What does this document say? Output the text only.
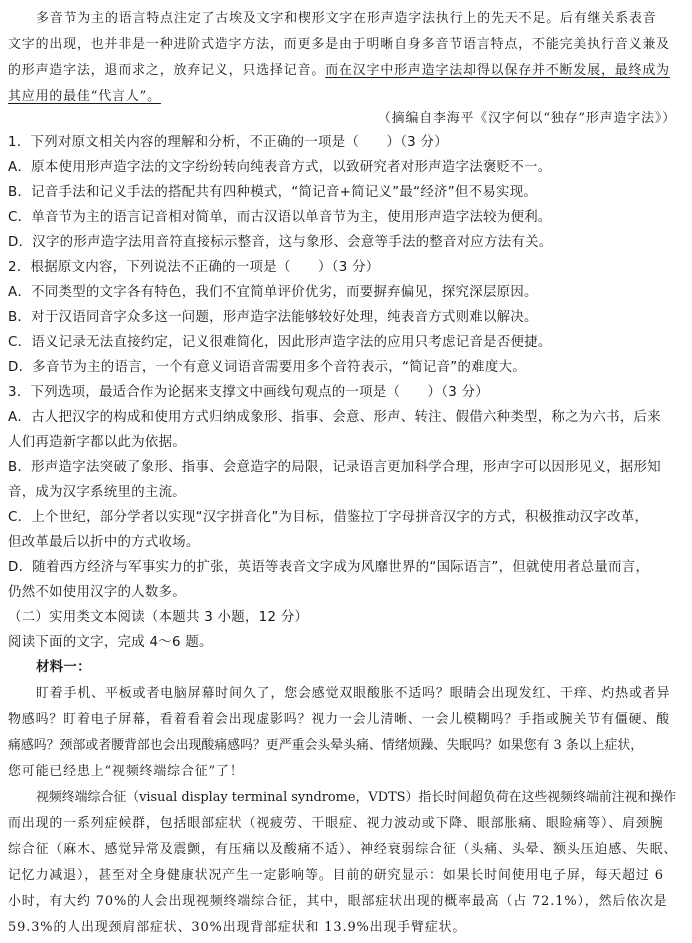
多音节为主的语言特点注定了古埃及文字和楔形文字在形声造字法执行上的先天不足。后有继关系表音
文字的出现，也并非是一种进阶式造字方法，而更多是由于明晰自身多音节语言特点，不能完美执行音义兼及
的形声造字法，退而求之，放弃记义，只选择记音。而在汉字中形声造字法却得以保存并不断发展，最终成为
其应用的最佳“代言人”。
（摘编自李海平《汉字何以“独存”形声造字法》）
1．下列对原文相关内容的理解和分析，不正确的一项是（　　）（3 分）
A．原本使用形声造字法的文字纷纷转向纯表音方式，以致研究者对形声造字法褒贬不一。
B．记音手法和记义手法的搭配共有四种模式，“简记音+简记义”最“经济”但不易实现。
C．单音节为主的语言记音相对简单，而古汉语以单音节为主，使用形声造字法较为便利。
D．汉字的形声造字法用音符直接标示整音，这与象形、会意等手法的整音对应方法有关。
2．根据原文内容，下列说法不正确的一项是（　　）（3 分）
A．不同类型的文字各有特色，我们不宜简单评价优劣，而要摒弃偏见，探究深层原因。
B．对于汉语同音字众多这一问题，形声造字法能够较好处理，纯表音方式则难以解决。
C．语义记录无法直接约定，记义很难简化，因此形声造字法的应用只考虑记音是否便捷。
D．多音节为主的语言，一个有意义词语音需要用多个音符表示，“简记音”的难度大。
3．下列选项，最适合作为论据来支撑文中画线句观点的一项是（　　）（3 分）
A．古人把汉字的构成和使用方式归纳成象形、指事、会意、形声、转注、假借六种类型，称之为六书，后来
人们再造新字都以此为依据。
B．形声造字法突破了象形、指事、会意造字的局限，记录语言更加科学合理，形声字可以因形见义，据形知
音，成为汉字系统里的主流。
C．上个世纪，部分学者以实现“汉字拼音化”为目标，借鉴拉丁字母拼音汉字的方式，积极推动汉字改革，
但改革最后以折中的方式收场。
D．随着西方经济与军事实力的扩张，英语等表音文字成为风靡世界的“国际语言”，但就使用者总量而言，
仍然不如使用汉字的人数多。
（二）实用类文本阅读（本题共 3 小题，12 分）
阅读下面的文字，完成 4～6 题。
材料一：
盯着手机、平板或者电脑屏幕时间久了，您会感觉双眼酸胀不适吗？眼睛会出现发红、干痒、灼热或者异
物感吗？盯着电子屏幕，看着看着会出现虚影吗？视力一会儿清晰、一会儿模糊吗？手指或腕关节有僵硬、酸
痛感吗？颈部或者腰背部也会出现酸痛感吗？更严重会头晕头痛、情绪烦躁、失眠吗？如果您有 3 条以上症状，
您可能已经患上“视频终端综合征”了！
视频终端综合征（visual display terminal syndrome，VDTS）指长时间超负荷在这些视频终端前注视和操作
而出现的一系列症候群，包括眼部症状（视疲劳、干眼症、视力波动或下降、眼部胀痛、眼睑痛等）、肩颈腕
综合征（麻木、感觉异常及震颤，有压痛以及酸痛不适）、神经衰弱综合征（头痛、头晕、额头压迫感、失眠、
记忆力减退），甚至对全身健康状况产生一定影响等。目前的研究显示：如果长时间使用电子屏，每天超过 6
小时，有大约 70%的人会出现视频终端综合征，其中，眼部症状出现的概率最高（占 72.1%），然后依次是
59.3%的人出现颈肩部症状、30%出现背部症状和 13.9%出现手臂症状。
